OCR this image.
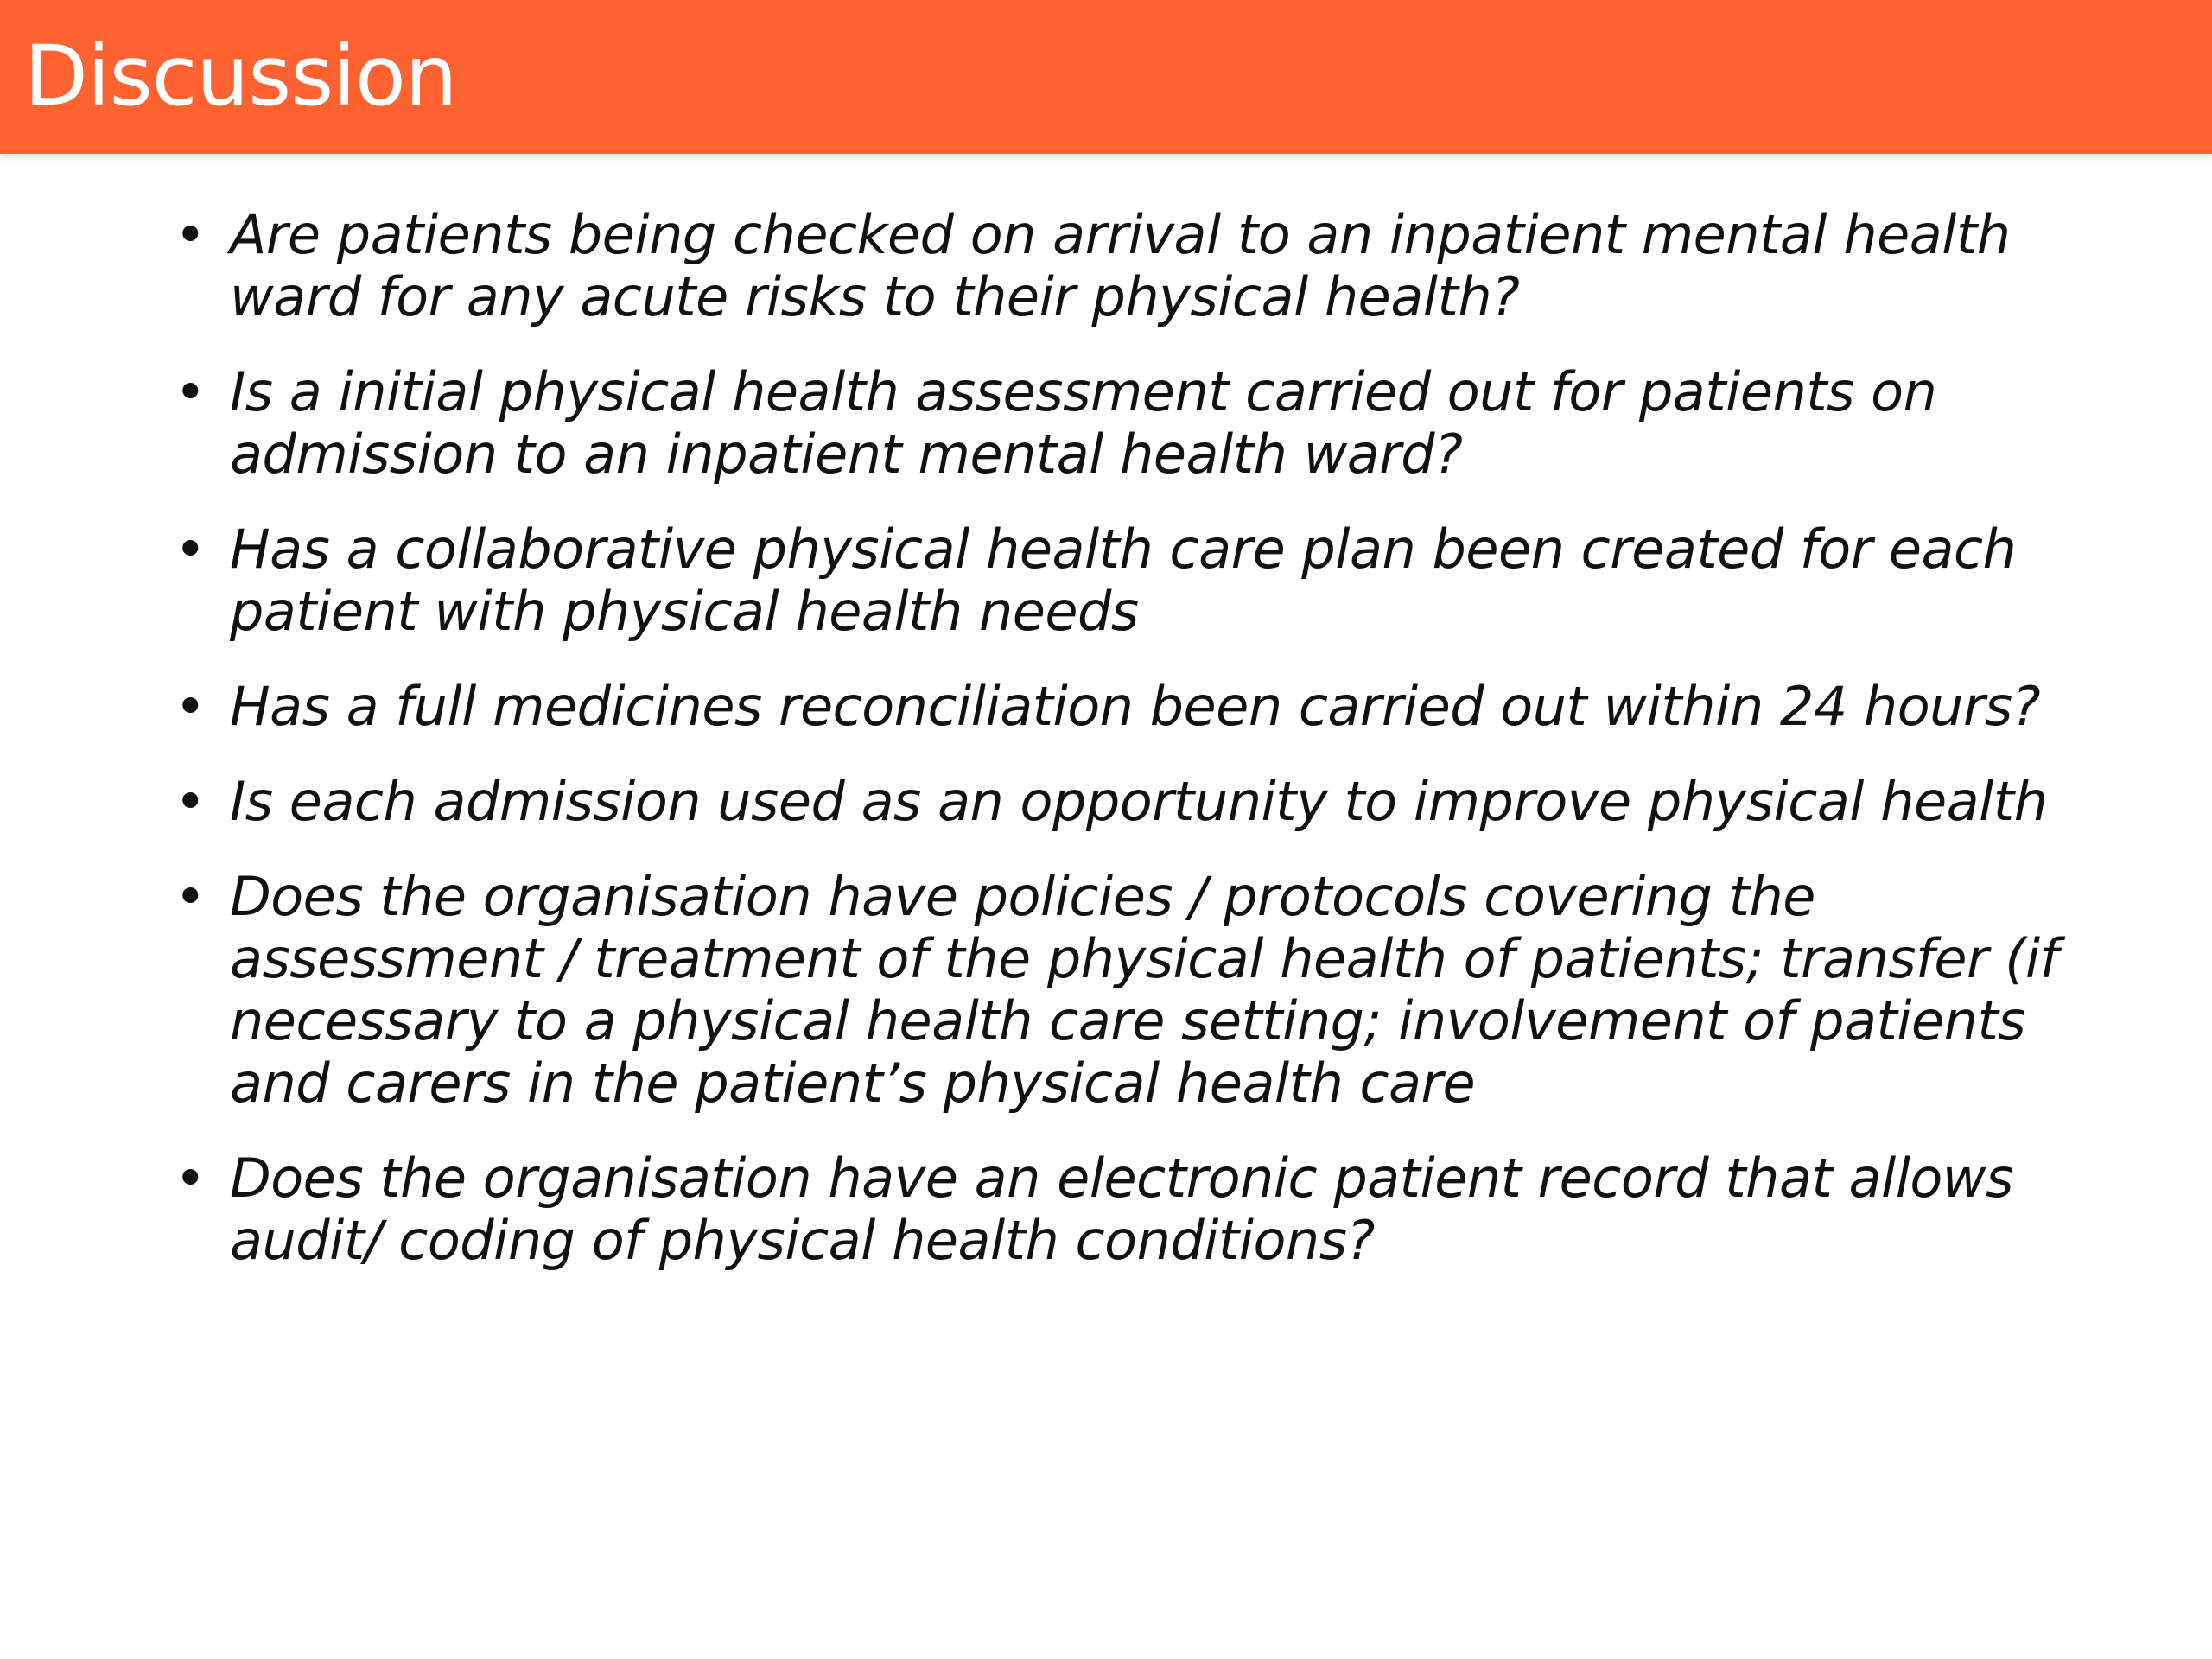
Discussion
• Are patients being checked on arrival to an inpatient mental health ward for any acute risks to their physical health?
• Is a initial physical health assessment carried out for patients on admission to an inpatient mental health ward?
• Has a collaborative physical health care plan been created for each patient with physical health needs
• Has a full medicines reconciliation been carried out within 24 hours?
• Is each admission used as an opportunity to improve physical health
• Does the organisation have policies / protocols covering the assessment / treatment of the physical health of patients; transfer (if necessary to a physical health care setting; involvement of patients and carers in the patient’s physical health care
• Does the organisation have an electronic patient record that allows audit/ coding of physical health conditions?
